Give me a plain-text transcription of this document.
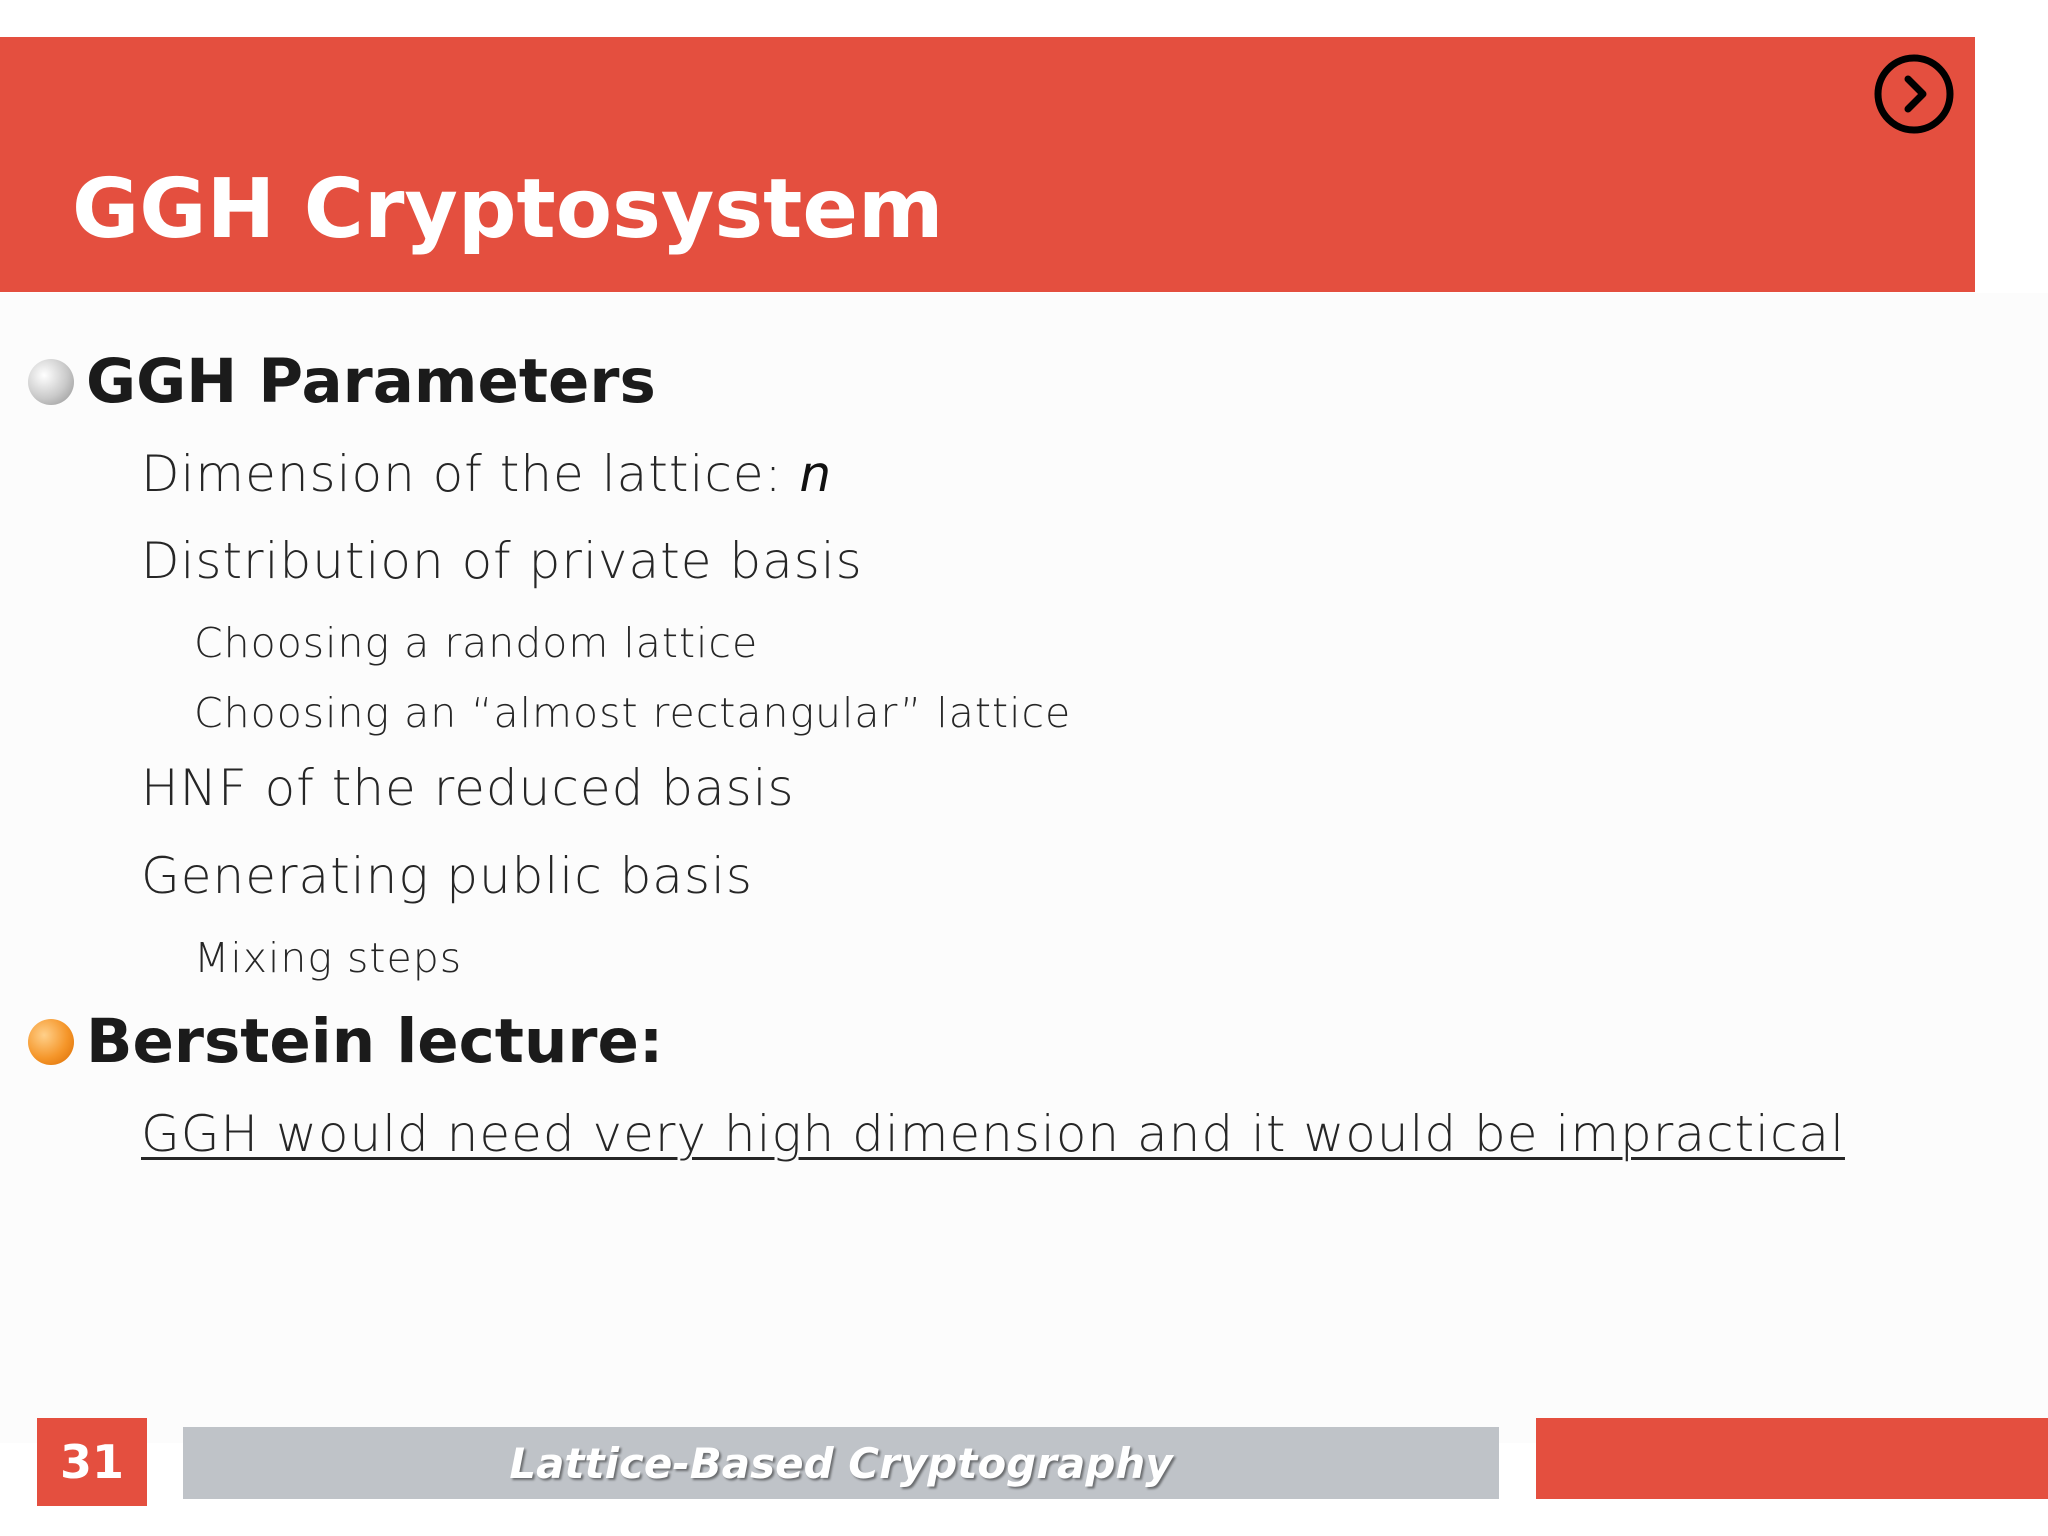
GGH Cryptosystem
GGH Parameters
Dimension of the lattice: n
Distribution of private basis
Choosing a random lattice
Choosing an “almost rectangular” lattice
HNF of the reduced basis
Generating public basis
Mixing steps
Berstein lecture:
GGH would need very high dimension and it would be impractical
31	Lattice-Based Cryptography
